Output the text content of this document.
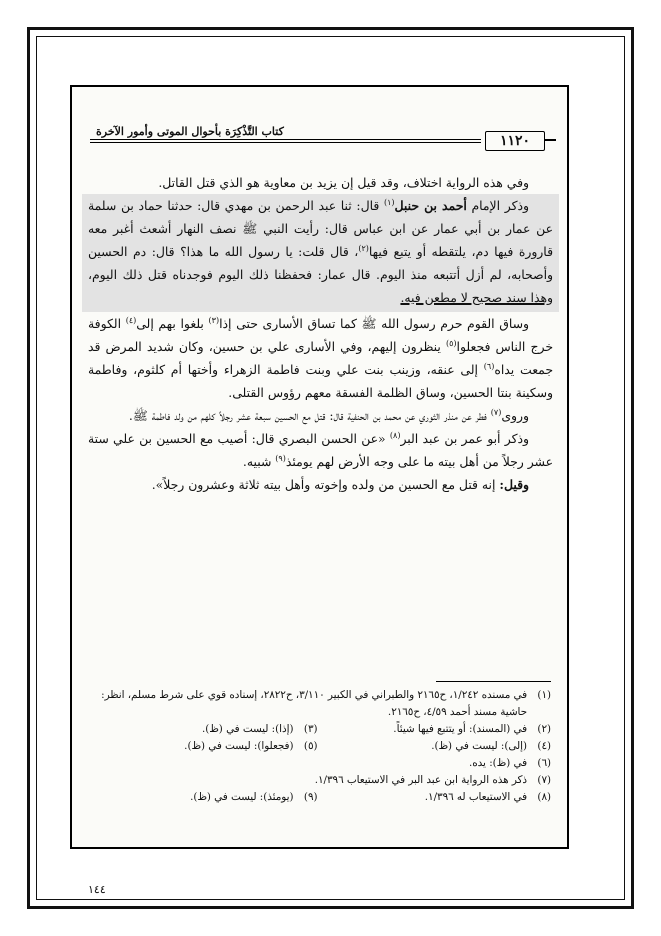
١١٢٠
كتاب التَّذْكِرَة بأحوال الموتى وأمور الآخرة

وفي هذه الرواية اختلاف، وقد قيل إن يزيد بن معاوية هو الذي قتل القاتل.

وذكر الإمام أحمد بن حنبل$^{(١)}$ قال: ثنا عبد الرحمن بن مهدي قال: حدثنا حماد بن سلمة عن عمار بن أبي عمار عن ابن عباس قال: رأيت النبي ﷺ نصف النهار أشعث أغبر معه قارورة فيها دم، يلتقطه أو يتبع فيها$^{(٢)}$، قال قلت: يا رسول الله ما هذا؟ قال: دم الحسين وأصحابه، لم أزل أتتبعه منذ اليوم. قال عمار: فحفظنا ذلك اليوم فوجدناه قتل ذلك اليوم، وهذا سند صحيح لا مطعن فيه.

وساق القوم حرم رسول الله ﷺ كما تساق الأسارى حتى إذا$^{(٣)}$ بلغوا بهم إلى$^{(٤)}$ الكوفة خرج الناس فجعلوا$^{(٥)}$ ينظرون إليهم، وفي الأسارى علي بن حسين، وكان شديد المرض قد جمعت يداه$^{(٦)}$ إلى عنقه، وزينب بنت علي وبنت فاطمة الزهراء وأختها أم كلثوم، وفاطمة وسكينة بنتا الحسين، وساق الظلمة الفسقة معهم رؤوس القتلى.

وروى$^{(٧)}$ فطر عن منذر الثوري عن محمد بن الحنفية قال: قتل مع الحسين سبعة عشر رجلاً كلهم من ولد فاطمة ﷺ.

وذكر أبو عمر بن عبد البر$^{(٨)}$ «عن الحسن البصري قال: أصيب مع الحسين بن علي ستة عشر رجلاً من أهل بيته ما على وجه الأرض لهم يومئذ$^{(٩)}$ شبيه.

وقيل: إنه قتل مع الحسين من ولده وإخوته وأهل بيته ثلاثة وعشرون رجلاً».

(١)
في مسنده ١/٢٤٢، ح٢١٦٥ والطبراني في الكبير ٣/١١٠، ح٢٨٢٢، إسناده قوي على شرط مسلم، انظر: حاشية مسند أحمد ٤/٥٩، ح٢١٦٥.
(٢)
في (المسند): أو يتتبع فيها شيئاً.
(٣)
(إذا): ليست في (ظ).
(٤)
(إلى): ليست في (ظ).
(٥)
(فجعلوا): ليست في (ظ).
(٦)
في (ظ): يده.
(٧)
ذكر هذه الرواية ابن عبد البر في الاستيعاب ١/٣٩٦.
(٨)
في الاستيعاب له ١/٣٩٦.
(٩)
(يومئذ): ليست في (ظ).
١٤٤
